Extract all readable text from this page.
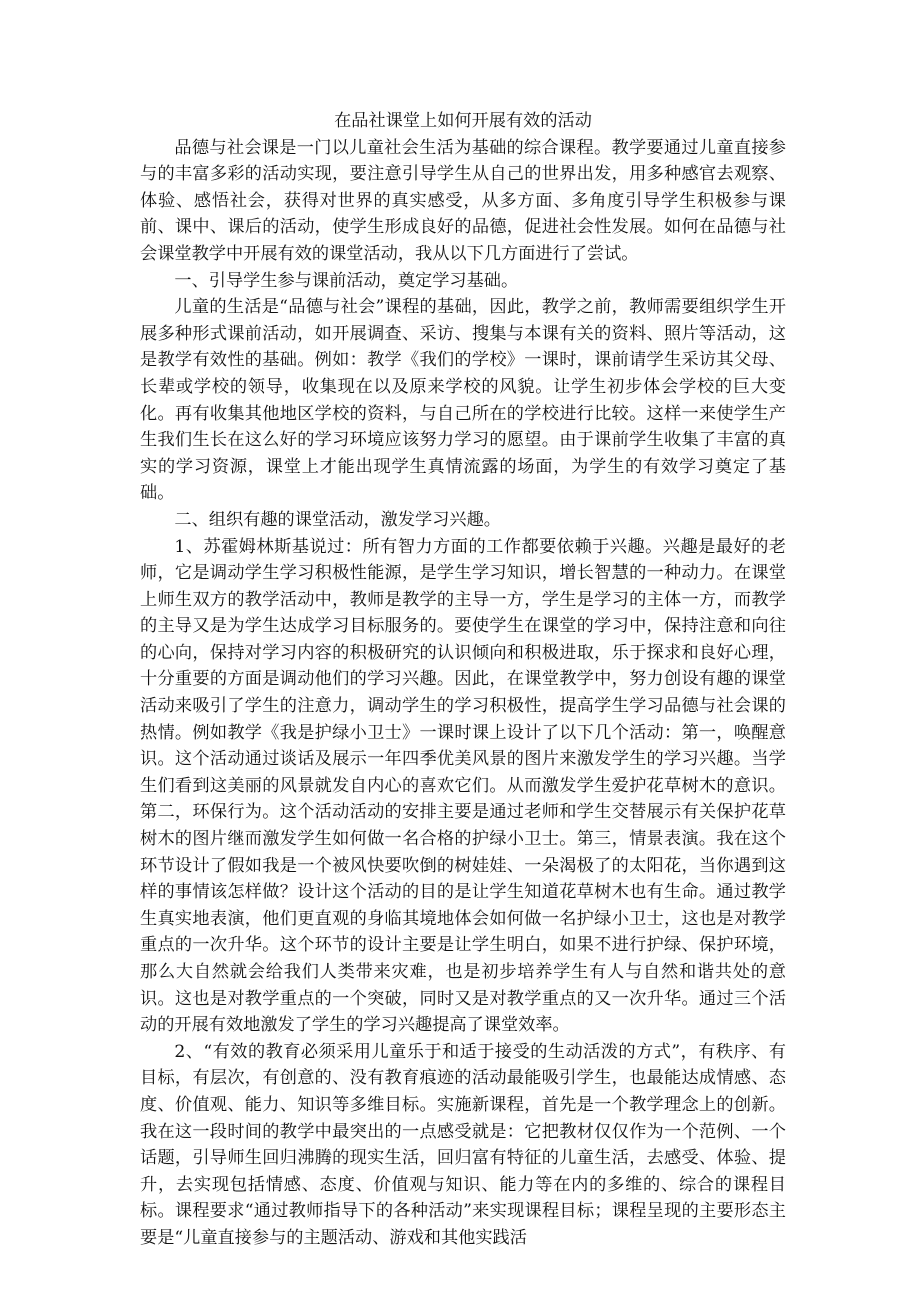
在品社课堂上如何开展有效的活动

品德与社会课是一门以儿童社会生活为基础的综合课程。教学要通过儿童直接参与的丰富多彩的活动实现，要注意引导学生从自己的世界出发，用多种感官去观察、体验、感悟社会，获得对世界的真实感受，从多方面、多角度引导学生积极参与课前、课中、课后的活动，使学生形成良好的品德，促进社会性发展。如何在品德与社会课堂教学中开展有效的课堂活动，我从以下几方面进行了尝试。

一、引导学生参与课前活动，奠定学习基础。

儿童的生活是“品德与社会”课程的基础，因此，教学之前，教师需要组织学生开展多种形式课前活动，如开展调查、采访、搜集与本课有关的资料、照片等活动，这是教学有效性的基础。例如：教学《我们的学校》一课时，课前请学生采访其父母、长辈或学校的领导，收集现在以及原来学校的风貌。让学生初步体会学校的巨大变化。再有收集其他地区学校的资料，与自己所在的学校进行比较。这样一来使学生产生我们生长在这么好的学习环境应该努力学习的愿望。由于课前学生收集了丰富的真实的学习资源，课堂上才能出现学生真情流露的场面，为学生的有效学习奠定了基础。

二、组织有趣的课堂活动，激发学习兴趣。

1、苏霍姆林斯基说过：所有智力方面的工作都要依赖于兴趣。兴趣是最好的老师，它是调动学生学习积极性能源，是学生学习知识，增长智慧的一种动力。在课堂上师生双方的教学活动中，教师是教学的主导一方，学生是学习的主体一方，而教学的主导又是为学生达成学习目标服务的。要使学生在课堂的学习中，保持注意和向往的心向，保持对学习内容的积极研究的认识倾向和积极进取，乐于探求和良好心理，十分重要的方面是调动他们的学习兴趣。因此，在课堂教学中，努力创设有趣的课堂活动来吸引了学生的注意力，调动学生的学习积极性，提高学生学习品德与社会课的热情。例如教学《我是护绿小卫士》一课时课上设计了以下几个活动：第一，唤醒意识。这个活动通过谈话及展示一年四季优美风景的图片来激发学生的学习兴趣。当学生们看到这美丽的风景就发自内心的喜欢它们。从而激发学生爱护花草树木的意识。第二，环保行为。这个活动活动的安排主要是通过老师和学生交替展示有关保护花草树木的图片继而激发学生如何做一名合格的护绿小卫士。第三，情景表演。我在这个环节设计了假如我是一个被风快要吹倒的树娃娃、一朵渴极了的太阳花，当你遇到这样的事情该怎样做？设计这个活动的目的是让学生知道花草树木也有生命。通过教学生真实地表演，他们更直观的身临其境地体会如何做一名护绿小卫士，这也是对教学重点的一次升华。这个环节的设计主要是让学生明白，如果不进行护绿、保护环境，那么大自然就会给我们人类带来灾难，也是初步培养学生有人与自然和谐共处的意识。这也是对教学重点的一个突破，同时又是对教学重点的又一次升华。通过三个活动的开展有效地激发了学生的学习兴趣提高了课堂效率。

2、“有效的教育必须采用儿童乐于和适于接受的生动活泼的方式”，有秩序、有目标，有层次，有创意的、没有教育痕迹的活动最能吸引学生，也最能达成情感、态度、价值观、能力、知识等多维目标。实施新课程，首先是一个教学理念上的创新。我在这一段时间的教学中最突出的一点感受就是：它把教材仅仅作为一个范例、一个话题，引导师生回归沸腾的现实生活，回归富有特征的儿童生活，去感受、体验、提升，去实现包括情感、态度、价值观与知识、能力等在内的多维的、综合的课程目标。课程要求“通过教师指导下的各种活动”来实现课程目标；课程呈现的主要形态主要是“儿童直接参与的主题活动、游戏和其他实践活
